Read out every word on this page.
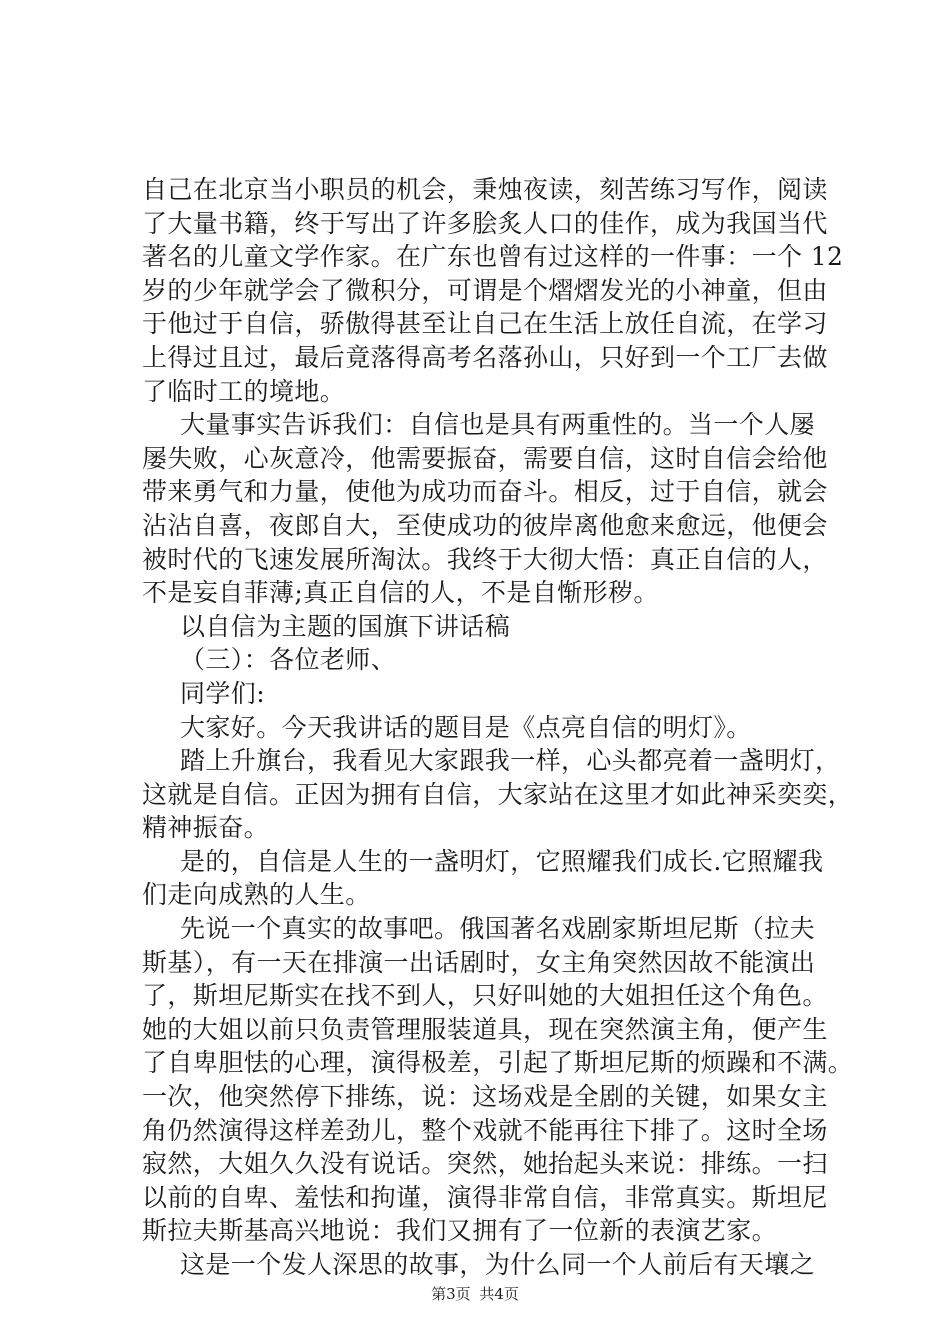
自己在北京当小职员的机会，秉烛夜读，刻苦练习写作，阅读
了大量书籍，终于写出了许多脍炙人口的佳作，成为我国当代
著名的儿童文学作家。在广东也曾有过这样的一件事：一个 12
岁的少年就学会了微积分，可谓是个熠熠发光的小神童，但由
于他过于自信，骄傲得甚至让自己在生活上放任自流，在学习
上得过且过，最后竟落得高考名落孙山，只好到一个工厂去做
了临时工的境地。
大量事实告诉我们：自信也是具有两重性的。当一个人屡
屡失败，心灰意冷，他需要振奋，需要自信，这时自信会给他
带来勇气和力量，使他为成功而奋斗。相反，过于自信，就会
沾沾自喜，夜郎自大，至使成功的彼岸离他愈来愈远，他便会
被时代的飞速发展所淘汰。我终于大彻大悟：真正自信的人，
不是妄自菲薄;真正自信的人，不是自惭形秽。
以自信为主题的国旗下讲话稿
（三）：各位老师、
同学们:
大家好。今天我讲话的题目是《点亮自信的明灯》。
踏上升旗台，我看见大家跟我一样，心头都亮着一盏明灯，
这就是自信。正因为拥有自信，大家站在这里才如此神采奕奕，
精神振奋。
是的，自信是人生的一盏明灯，它照耀我们成长.它照耀我
们走向成熟的人生。
先说一个真实的故事吧。俄国著名戏剧家斯坦尼斯（拉夫
斯基），有一天在排演一出话剧时，女主角突然因故不能演出
了，斯坦尼斯实在找不到人，只好叫她的大姐担任这个角色。
她的大姐以前只负责管理服装道具，现在突然演主角，便产生
了自卑胆怯的心理，演得极差，引起了斯坦尼斯的烦躁和不满。
一次，他突然停下排练，说：这场戏是全剧的关键，如果女主
角仍然演得这样差劲儿，整个戏就不能再往下排了。这时全场
寂然，大姐久久没有说话。突然，她抬起头来说：排练。一扫
以前的自卑、羞怯和拘谨，演得非常自信，非常真实。斯坦尼
斯拉夫斯基高兴地说：我们又拥有了一位新的表演艺家。
这是一个发人深思的故事，为什么同一个人前后有天壤之
第3页 共4页
